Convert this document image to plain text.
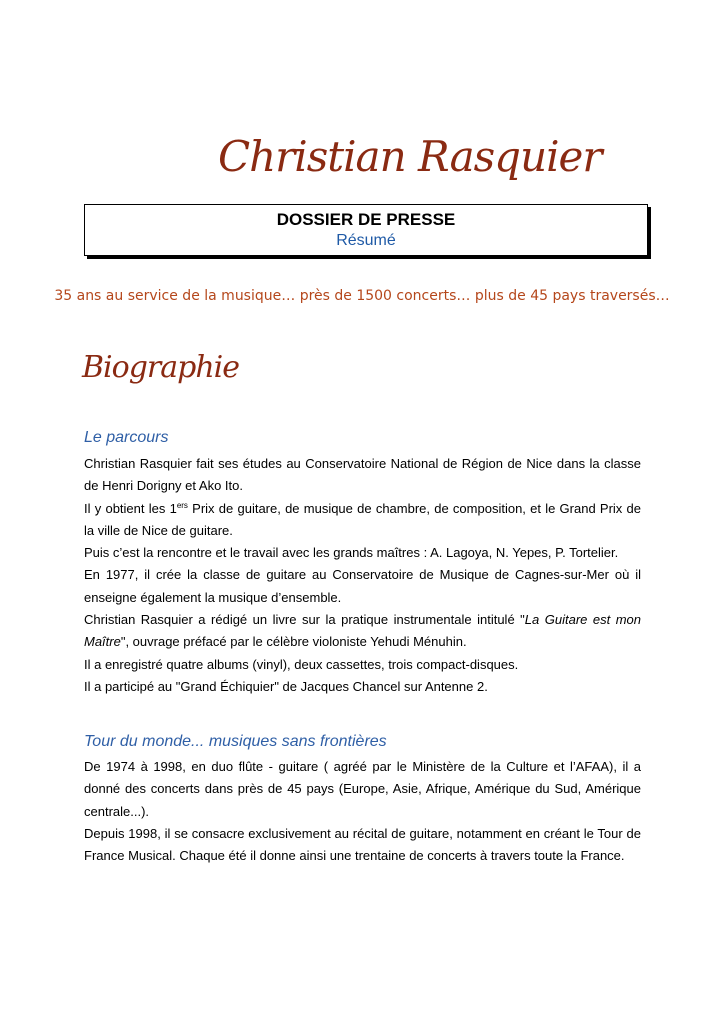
Christian Rasquier
DOSSIER DE PRESSE
Résumé
35 ans au service de la musique… près de 1500 concerts… plus de 45 pays traversés…
Biographie
Le parcours

Christian Rasquier fait ses études au Conservatoire National de Région de Nice dans la classe de Henri Dorigny et Ako Ito.

Il y obtient les 1ers Prix de guitare, de musique de chambre, de composition, et le Grand Prix de la ville de Nice de guitare.

Puis c’est la rencontre et le travail avec les grands maîtres : A. Lagoya, N. Yepes, P. Tortelier.

En 1977, il crée la classe de guitare au Conservatoire de Musique de Cagnes-sur-Mer où il enseigne également la musique d’ensemble.

Christian Rasquier a rédigé un livre sur la pratique instrumentale intitulé "La Guitare est mon Maître", ouvrage préfacé par le célèbre violoniste Yehudi Ménuhin.

Il a enregistré quatre albums (vinyl), deux cassettes, trois compact-disques.

Il a participé au "Grand Échiquier" de Jacques Chancel sur Antenne 2.

Tour du monde... musiques sans frontières

De 1974 à 1998, en duo flûte - guitare ( agréé par le Ministère de la Culture et l’AFAA), il a donné des concerts dans près de 45 pays (Europe, Asie, Afrique, Amérique du Sud, Amérique centrale...).

Depuis 1998, il se consacre exclusivement au récital de guitare, notamment en créant le Tour de France Musical. Chaque été il donne ainsi une trentaine de concerts à travers toute la France.
